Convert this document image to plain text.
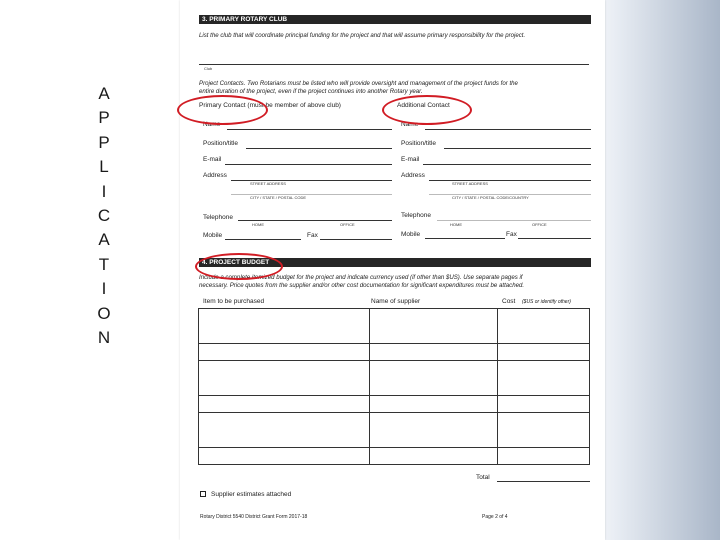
A
P
P
L
I
C
A
T
I
O
N
3. PRIMARY ROTARY CLUB
List the club that will coordinate principal funding for the project and that will assume primary responsibility for the project.
Club
Project Contacts. Two Rotarians must be listed who will provide oversight and management of the project funds for the
entire duration of the project, even if the project continues into another Rotary year.
Primary Contact (must be member of above club)	Additional Contact
Name
Position/title
E-mail
Address
STREET ADDRESS
CITY / STATE / POSTAL CODE
Telephone
HOME	OFFICE
Mobile	Fax
Name
Position/title
E-mail
Address
STREET ADDRESS
CITY / STATE / POSTAL CODE/COUNTRY
Telephone
HOME	OFFICE
Mobile	Fax
4. PROJECT BUDGET
Include a complete itemized budget for the project and indicate currency used (if other than $US). Use separate pages if
necessary. Price quotes from the supplier and/or other cost documentation for significant expenditures must be attached.
Item to be purchased	Name of supplier	Cost ($US or identify other)

Total
Supplier estimates attached
Rotary District 5540 District Grant Form 2017-18	Page 2 of 4
